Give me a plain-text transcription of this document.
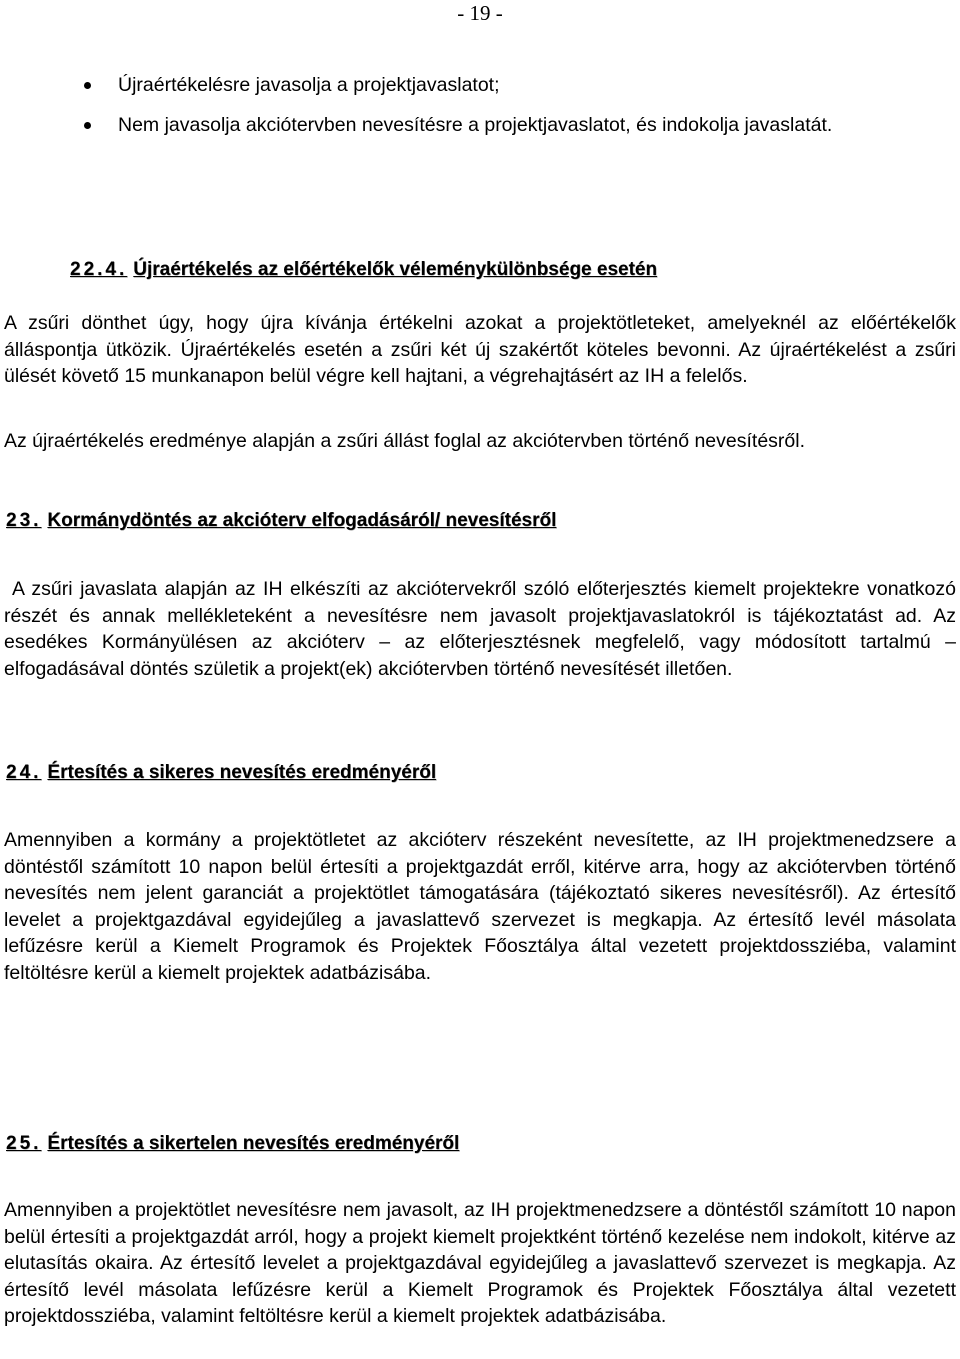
- 19 -
Újraértékelésre javasolja a projektjavaslatot;
Nem javasolja akciótervben nevesítésre a projektjavaslatot, és indokolja javaslatát.
22.4. Újraértékelés az előértékelők véleménykülönbsége esetén

A zsűri dönthet úgy, hogy újra kívánja értékelni azokat a projektötleteket, amelyeknél az előértékelők álláspontja ütközik. Újraértékelés esetén a zsűri két új szakértőt köteles bevonni. Az újraértékelést a zsűri ülését követő 15 munkanapon belül végre kell hajtani, a végrehajtásért az IH a felelős.

Az újraértékelés eredménye alapján a zsűri állást foglal az akciótervben történő nevesítésről.

23. Kormánydöntés az akcióterv elfogadásáról/ nevesítésről

A zsűri javaslata alapján az IH elkészíti az akciótervekről szóló előterjesztés kiemelt projektekre vonatkozó részét és annak mellékleteként a nevesítésre nem javasolt projektjavaslatokról is tájékoztatást ad. Az esedékes Kormányülésen az akcióterv – az előterjesztésnek megfelelő, vagy módosított tartalmú – elfogadásával döntés születik a projekt(ek) akciótervben történő nevesítését illetően.

24. Értesítés a sikeres nevesítés eredményéről

Amennyiben a kormány a projektötletet az akcióterv részeként nevesítette, az IH projektmenedzsere a döntéstől számított 10 napon belül értesíti a projektgazdát erről, kitérve arra, hogy az akciótervben történő nevesítés nem jelent garanciát a projektötlet támogatására (tájékoztató sikeres nevesítésről). Az értesítő levelet a projektgazdával egyidejűleg a javaslattevő szervezet is megkapja. Az értesítő levél másolata lefűzésre kerül a Kiemelt Programok és Projektek Főosztálya által vezetett projektdossziéba, valamint feltöltésre kerül a kiemelt projektek adatbázisába.

25. Értesítés a sikertelen nevesítés eredményéről

Amennyiben a projektötlet nevesítésre nem javasolt, az IH projektmenedzsere a döntéstől számított 10 napon belül értesíti a projektgazdát arról, hogy a projekt kiemelt projektként történő kezelése nem indokolt, kitérve az elutasítás okaira. Az értesítő levelet a projektgazdával egyidejűleg a javaslattevő szervezet is megkapja. Az értesítő levél másolata lefűzésre kerül a Kiemelt Programok és Projektek Főosztálya által vezetett projektdossziéba, valamint feltöltésre kerül a kiemelt projektek adatbázisába.
